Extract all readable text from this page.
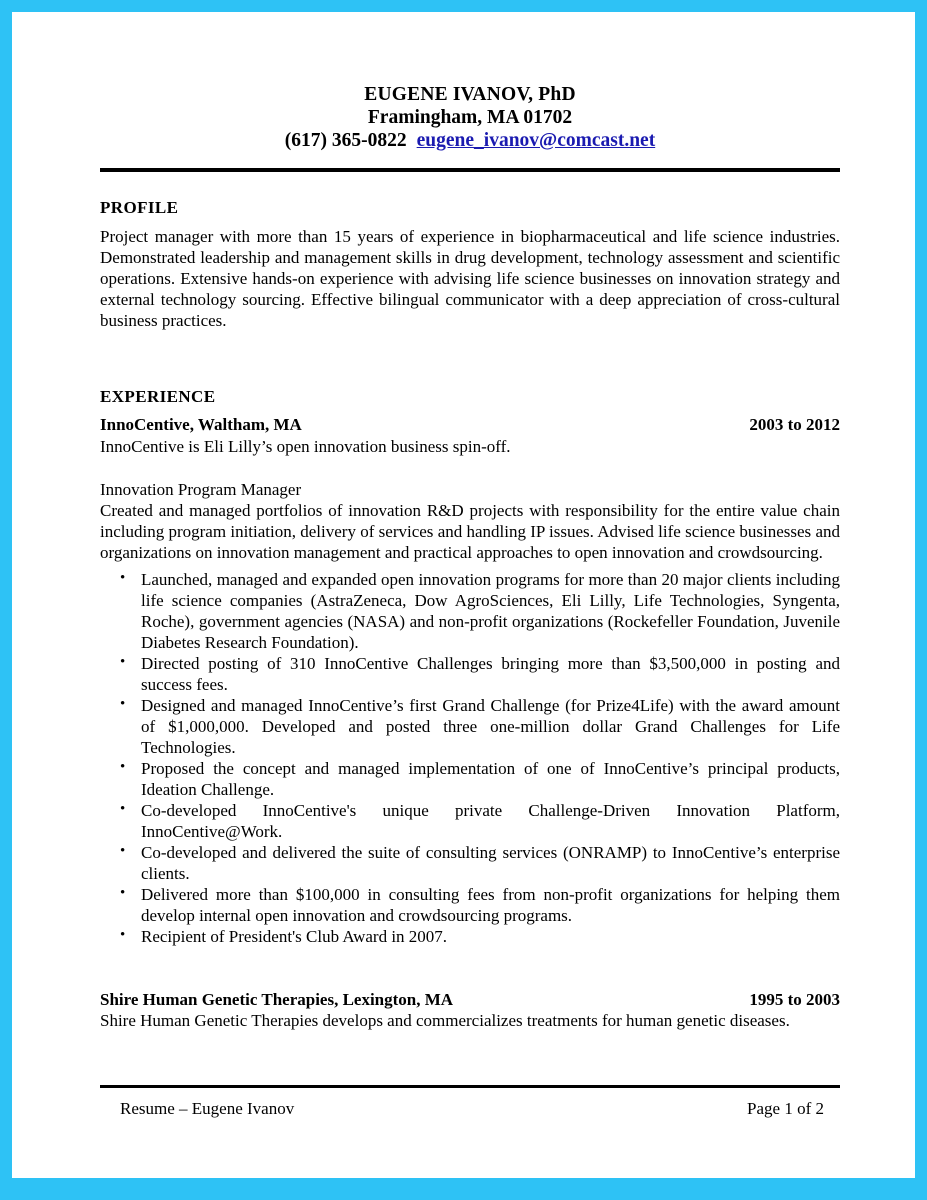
EUGENE IVANOV, PhD
Framingham, MA 01702
(617) 365-0822 eugene_ivanov@comcast.net
PROFILE

Project manager with more than 15 years of experience in biopharmaceutical and life science industries. Demonstrated leadership and management skills in drug development, technology assessment and scientific operations. Extensive hands-on experience with advising life science businesses on innovation strategy and external technology sourcing. Effective bilingual communicator with a deep appreciation of cross-cultural business practices.

EXPERIENCE
InnoCentive, Waltham, MA	2003 to 2012
InnoCentive is Eli Lilly’s open innovation business spin-off.
Innovation Program Manager

Created and managed portfolios of innovation R&D projects with responsibility for the entire value chain including program initiation, delivery of services and handling IP issues. Advised life science businesses and organizations on innovation management and practical approaches to open innovation and crowdsourcing.

• Launched, managed and expanded open innovation programs for more than 20 major clients including life science companies (AstraZeneca, Dow AgroSciences, Eli Lilly, Life Technologies, Syngenta, Roche), government agencies (NASA) and non-profit organizations (Rockefeller Foundation, Juvenile Diabetes Research Foundation).
• Directed posting of 310 InnoCentive Challenges bringing more than $3,500,000 in posting and success fees.
• Designed and managed InnoCentive’s first Grand Challenge (for Prize4Life) with the award amount of $1,000,000. Developed and posted three one-million dollar Grand Challenges for Life Technologies.
• Proposed the concept and managed implementation of one of InnoCentive’s principal products, Ideation Challenge.
• Co-developed InnoCentive's unique private Challenge-Driven Innovation Platform, InnoCentive@Work.
• Co-developed and delivered the suite of consulting services (ONRAMP) to InnoCentive’s enterprise clients.
• Delivered more than $100,000 in consulting fees from non-profit organizations for helping them develop internal open innovation and crowdsourcing programs.
• Recipient of President's Club Award in 2007.
Shire Human Genetic Therapies, Lexington, MA	1995 to 2003

Shire Human Genetic Therapies develops and commercializes treatments for human genetic diseases.

Resume – Eugene Ivanov	Page 1 of 2
